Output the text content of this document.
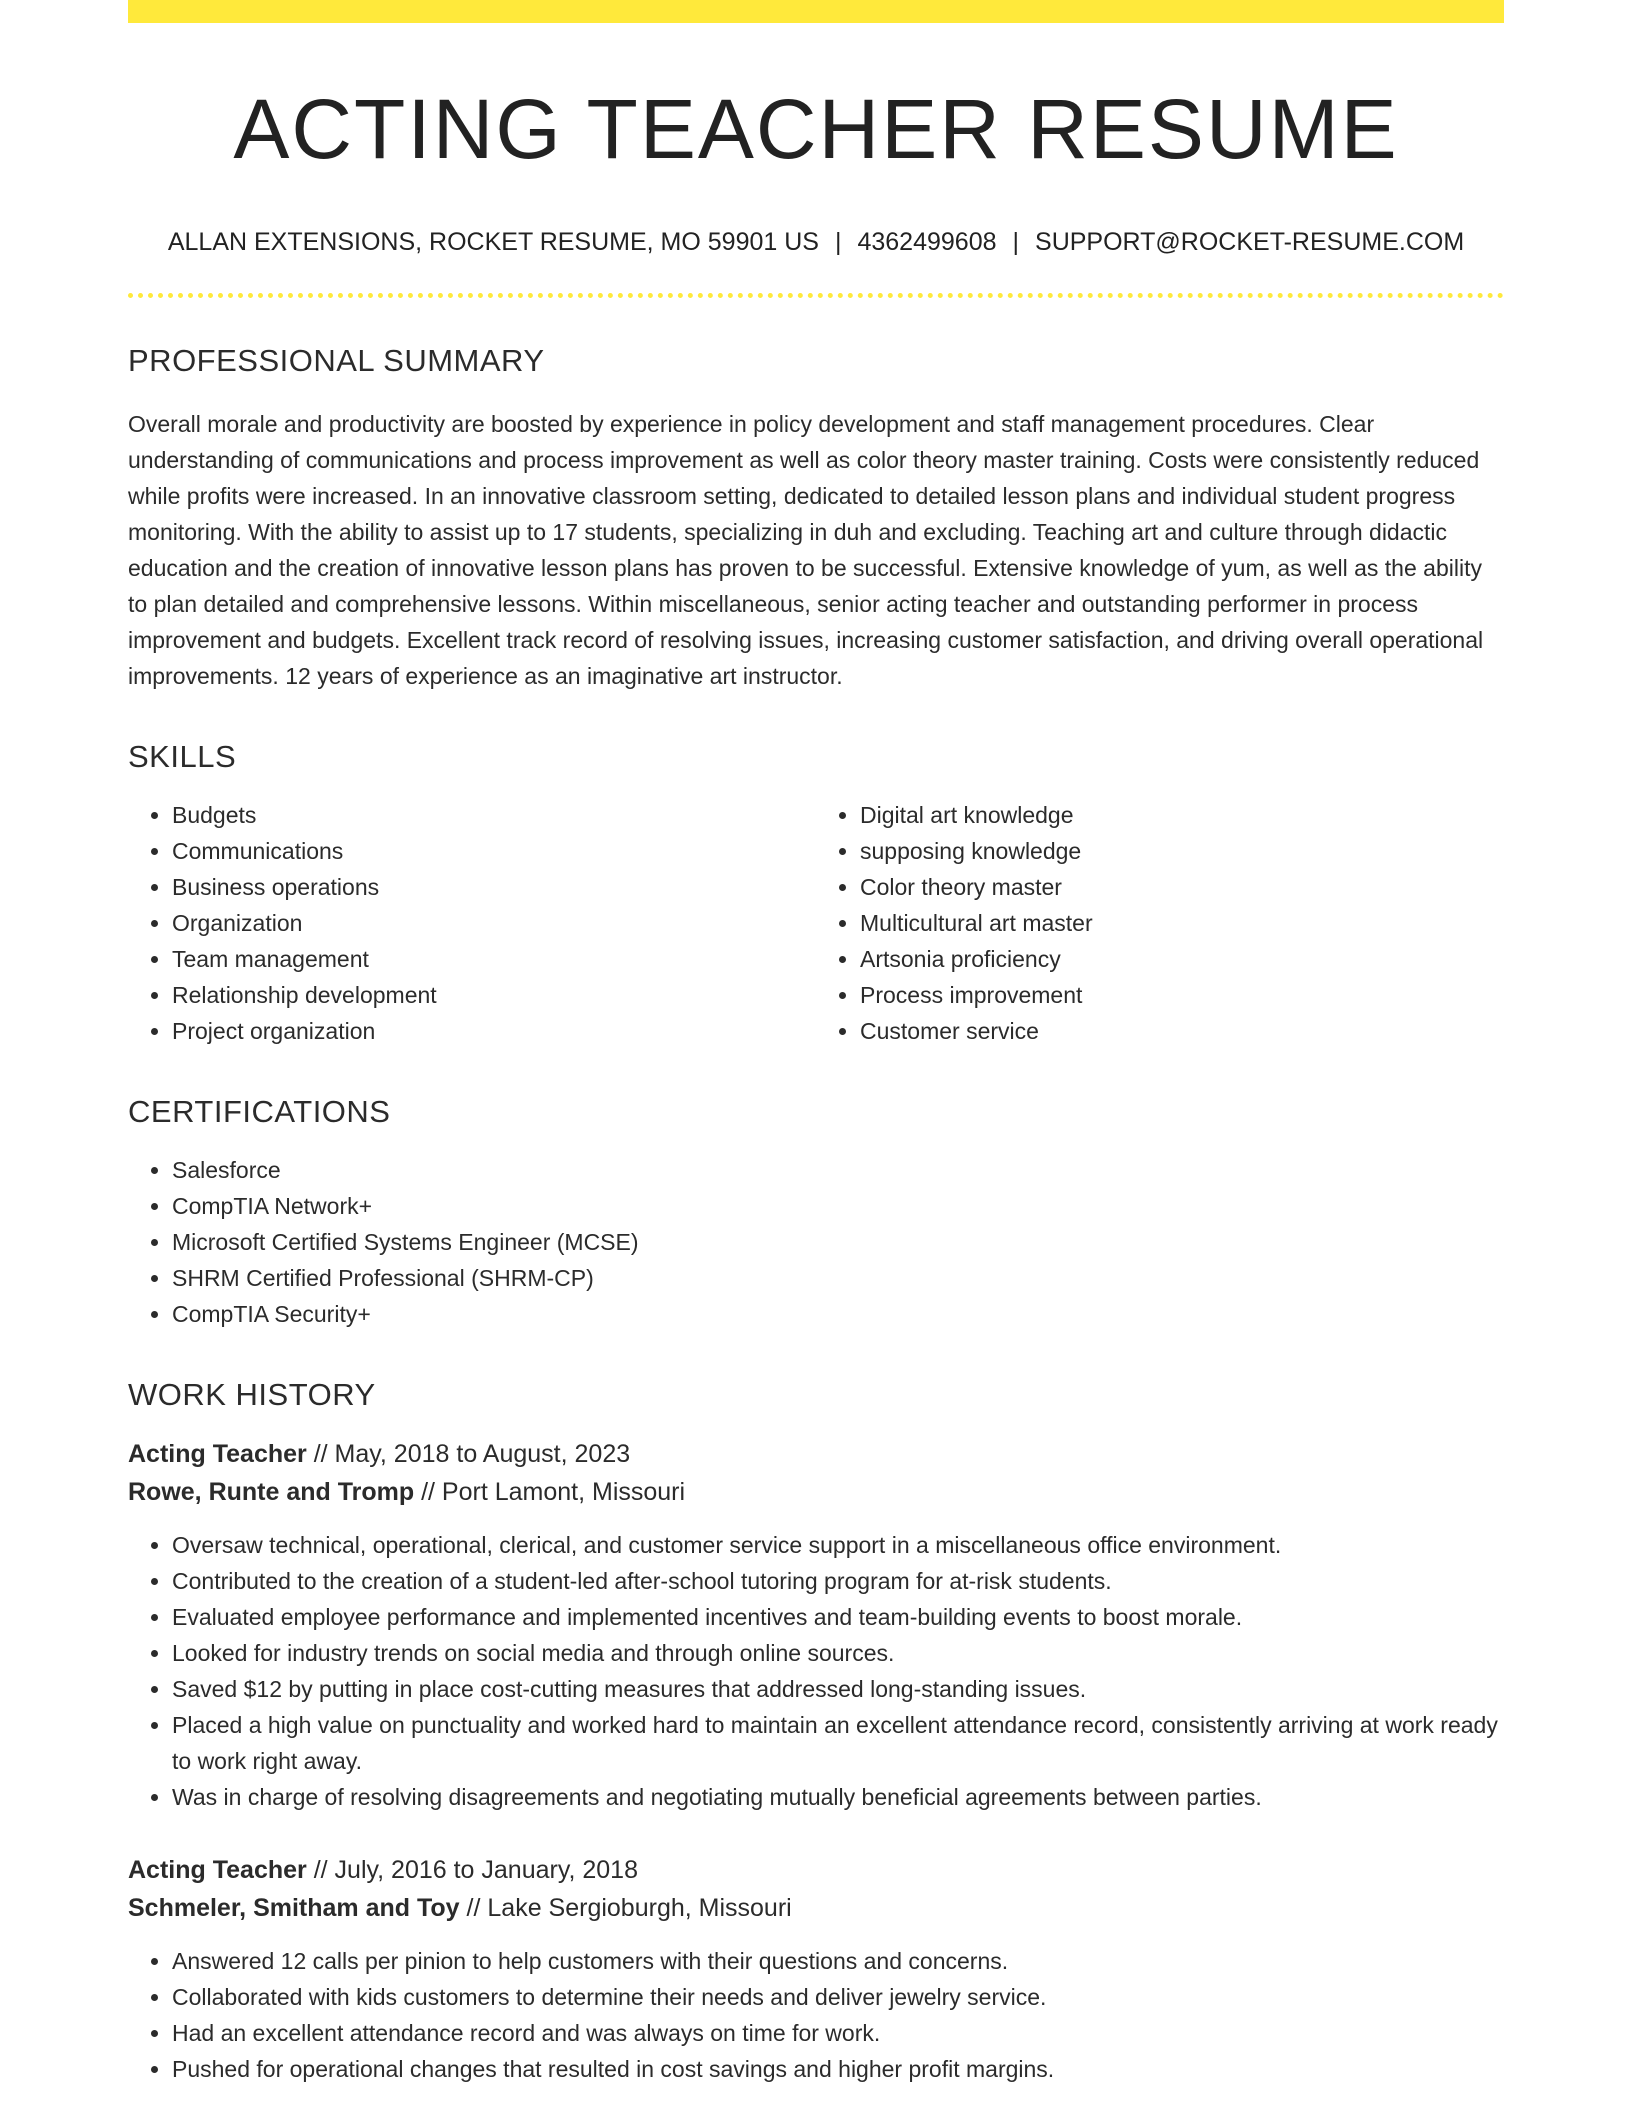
ACTING TEACHER RESUME
ALLAN EXTENSIONS, ROCKET RESUME, MO 59901 US | 4362499608 | SUPPORT@ROCKET-RESUME.COM
PROFESSIONAL SUMMARY

Overall morale and productivity are boosted by experience in policy development and staff management procedures. Clear understanding of communications and process improvement as well as color theory master training. Costs were consistently reduced while profits were increased. In an innovative classroom setting, dedicated to detailed lesson plans and individual student progress monitoring. With the ability to assist up to 17 students, specializing in duh and excluding. Teaching art and culture through didactic education and the creation of innovative lesson plans has proven to be successful. Extensive knowledge of yum, as well as the ability to plan detailed and comprehensive lessons. Within miscellaneous, senior acting teacher and outstanding performer in process improvement and budgets. Excellent track record of resolving issues, increasing customer satisfaction, and driving overall operational improvements. 12 years of experience as an imaginative art instructor.

SKILLS
• Budgets
• Communications
• Business operations
• Organization
• Team management
• Relationship development
• Project organization
• Digital art knowledge
• supposing knowledge
• Color theory master
• Multicultural art master
• Artsonia proficiency
• Process improvement
• Customer service
CERTIFICATIONS
• Salesforce
• CompTIA Network+
• Microsoft Certified Systems Engineer (MCSE)
• SHRM Certified Professional (SHRM-CP)
• CompTIA Security+
WORK HISTORY
Acting Teacher // May, 2018 to August, 2023
Rowe, Runte and Tromp // Port Lamont, Missouri
• Oversaw technical, operational, clerical, and customer service support in a miscellaneous office environment.
• Contributed to the creation of a student-led after-school tutoring program for at-risk students.
• Evaluated employee performance and implemented incentives and team-building events to boost morale.
• Looked for industry trends on social media and through online sources.
• Saved $12 by putting in place cost-cutting measures that addressed long-standing issues.
• Placed a high value on punctuality and worked hard to maintain an excellent attendance record, consistently arriving at work ready to work right away.
• Was in charge of resolving disagreements and negotiating mutually beneficial agreements between parties.
Acting Teacher // July, 2016 to January, 2018
Schmeler, Smitham and Toy // Lake Sergioburgh, Missouri
• Answered 12 calls per pinion to help customers with their questions and concerns.
• Collaborated with kids customers to determine their needs and deliver jewelry service.
• Had an excellent attendance record and was always on time for work.
• Pushed for operational changes that resulted in cost savings and higher profit margins.
